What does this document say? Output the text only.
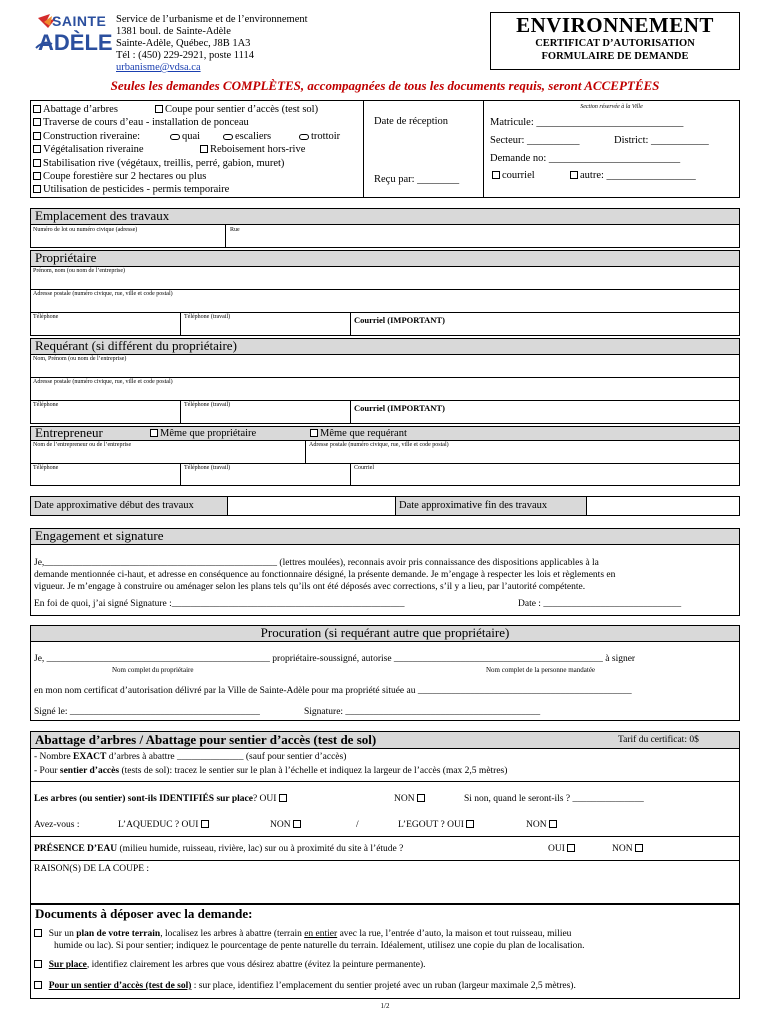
SAINTE
ADÈLE
Service de l’urbanisme et de l’environnement
1381 boul. de Sainte-Adèle
Sainte-Adèle, Québec, J8B 1A3
Tél : (450) 229-2921, poste 1114
urbanisme@vdsa.ca
ENVIRONNEMENT
CERTIFICAT D’AUTORISATION
FORMULAIRE DE DEMANDE
Seules les demandes COMPLÈTES, accompagnées de tous les documents requis, seront ACCEPTÉES
Abattage d’arbres	Coupe pour sentier d’accès (test sol)
Traverse de cours d’eau - installation de ponceau
Construction riveraine:	quai	escaliers	trottoir
Végétalisation riveraine	Reboisement hors-rive
Stabilisation rive (végétaux, treillis, perré, gabion, muret)
Coupe forestière sur 2 hectares ou plus
Utilisation de pesticides - permis temporaire
Date de réception
Reçu par: ________
Section réservée à la Ville
Matricule: ____________________________
Secteur: __________	District: ___________
Demande no: _________________________
courriel	autre: _________________
Emplacement des travaux
Numéro de lot ou numéro civique (adresse)	Rue
Propriétaire
Prénom, nom (ou nom de l’entreprise)
Adresse postale (numéro civique, rue, ville et code postal)
Téléphone	Téléphone (travail)	Courriel (IMPORTANT)
Requérant (si différent du propriétaire)
Nom, Prénom (ou nom de l’entreprise)
Adresse postale (numéro civique, rue, ville et code postal)
Téléphone	Téléphone (travail)	Courriel (IMPORTANT)
Entrepreneur	Même que propriétaire	Même que requérant
Nom de l’entrepreneur ou de l’entreprise	Adresse postale (numéro civique, rue, ville et code postal)
Téléphone	Téléphone (travail)	Courriel
Date approximative début des travaux	Date approximative fin des travaux
Engagement et signature
Je,_________________________________________________ (lettres moulées), reconnais avoir pris connaissance des dispositions applicables à la
demande mentionnée ci-haut, et adresse en conséquence au fonctionnaire désigné, la présente demande. Je m’engage à respecter les lois et règlements en
vigueur. Je m’engage à construire ou aménager selon les plans tels qu’ils ont été déposés avec corrections, s’il y a lieu, par l’autorité compétente.
En foi de quoi, j’ai signé Signature :_________________________________________________	Date : _____________________________
Procuration (si requérant autre que propriétaire)
Je, _______________________________________________ propriétaire-soussigné, autorise ____________________________________________ à signer
Nom complet du propriétaire	Nom complet de la personne mandatée
en mon nom certificat d’autorisation délivré par la Ville de Sainte-Adèle pour ma propriété située au _____________________________________________
Signé le: ________________________________________	Signature: _________________________________________
Abattage d’arbres / Abattage pour sentier d’accès (test de sol)	Tarif du certificat: 0$
- Nombre EXACT d’arbres à abattre ______________ (sauf pour sentier d’accès)
- Pour sentier d’accès (tests de sol): tracez le sentier sur le plan à l’échelle et indiquez la largeur de l’accès (max 2,5 mètres)
Les arbres (ou sentier) sont-ils IDENTIFIÉS sur place? OUI	NON	Si non, quand le seront-ils ? _______________
Avez-vous :	L’AQUEDUC ? OUI	NON	/	L’EGOUT ? OUI	NON
PRÉSENCE D’EAU (milieu humide, ruisseau, rivière, lac) sur ou à proximité du site à l’étude ?	OUI	NON
RAISON(S) DE LA COUPE :
Documents à déposer avec la demande:
Sur un plan de votre terrain, localisez les arbres à abattre (terrain en entier avec la rue, l’entrée d’auto, la maison et tout ruisseau, milieu
humide ou lac). Si pour sentier; indiquez le pourcentage de pente naturelle du terrain. Idéalement, utilisez une copie du plan de localisation.
Sur place, identifiez clairement les arbres que vous désirez abattre (évitez la peinture permanente).
Pour un sentier d’accès (test de sol) : sur place, identifiez l’emplacement du sentier projeté avec un ruban (largeur maximale 2,5 mètres).
1/2
